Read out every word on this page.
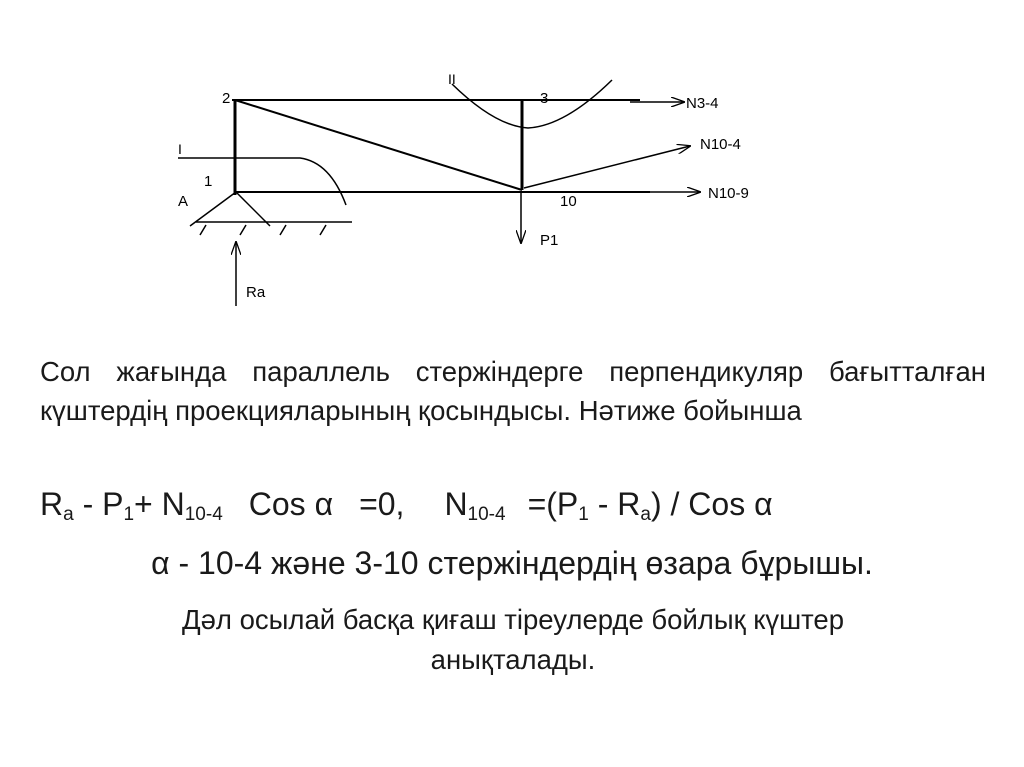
2	3
1
A	10
I
II
N3-4
N10-4
N10-9
P1
Ra

Сол жағында параллель стержіндерге перпендикуляр бағытталған күштердің проекцияларының қосындысы. Нәтиже бойынша

$R_a - P_1+ N_{10-4}$ Cos α =0, $N_{10-4} =(P_1 - R_a)$ / Cos α

α - 10-4 және 3-10 стержіндердің өзара бұрышы.

Дәл осылай басқа қиғаш тіреулерде бойлық күштер
анықталады.
